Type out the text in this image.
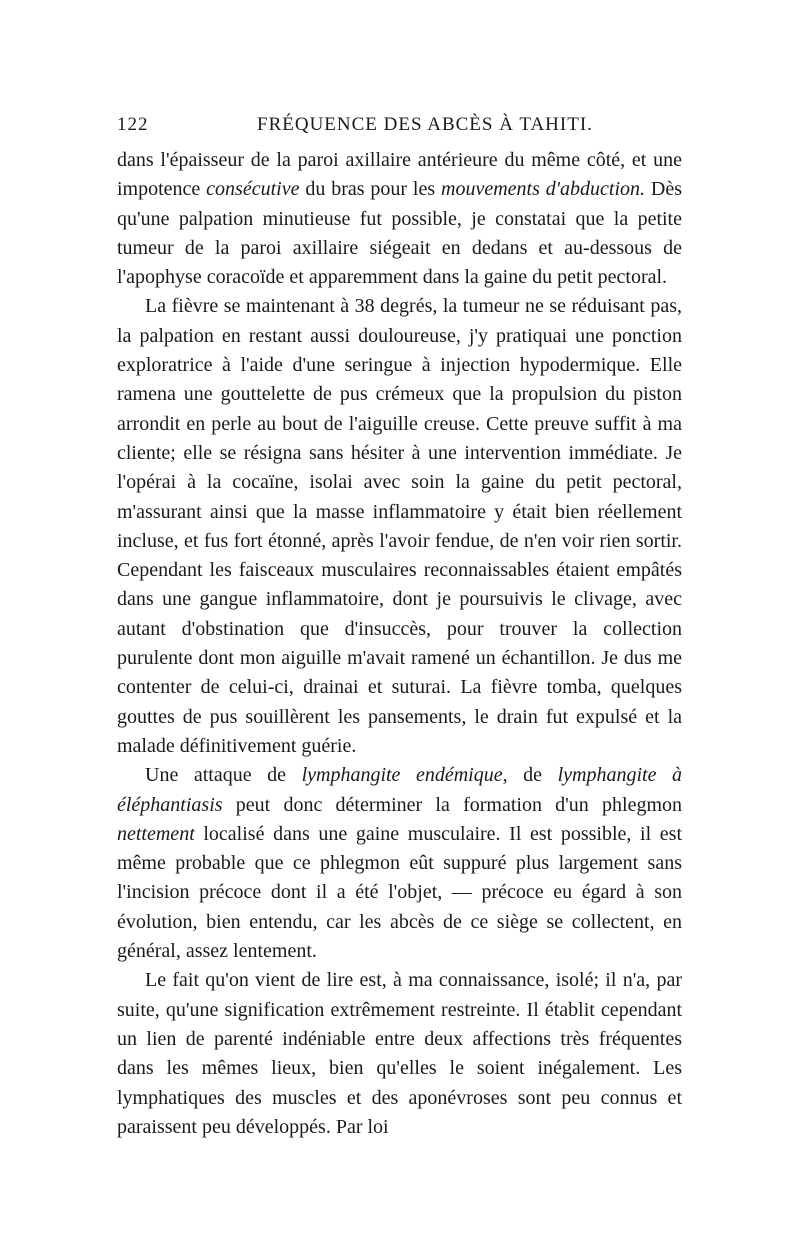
122	FRÉQUENCE DES ABCÈS À TAHITI.

dans l'épaisseur de la paroi axillaire antérieure du même côté, et une impotence consécutive du bras pour les mouvements d'abduction. Dès qu'une palpation minutieuse fut possible, je constatai que la petite tumeur de la paroi axillaire siégeait en dedans et au-dessous de l'apophyse coracoïde et apparemment dans la gaine du petit pectoral.

La fièvre se maintenant à 38 degrés, la tumeur ne se réduisant pas, la palpation en restant aussi douloureuse, j'y pratiquai une ponction exploratrice à l'aide d'une seringue à injection hypodermique. Elle ramena une gouttelette de pus crémeux que la propulsion du piston arrondit en perle au bout de l'aiguille creuse. Cette preuve suffit à ma cliente; elle se résigna sans hésiter à une intervention immédiate. Je l'opérai à la cocaïne, isolai avec soin la gaine du petit pectoral, m'assurant ainsi que la masse inflammatoire y était bien réellement incluse, et fus fort étonné, après l'avoir fendue, de n'en voir rien sortir. Cependant les faisceaux musculaires reconnaissables étaient empâtés dans une gangue inflammatoire, dont je poursuivis le clivage, avec autant d'obstination que d'insuccès, pour trouver la collection purulente dont mon aiguille m'avait ramené un échantillon. Je dus me contenter de celui-ci, drainai et suturai. La fièvre tomba, quelques gouttes de pus souillèrent les pansements, le drain fut expulsé et la malade définitivement guérie.

Une attaque de lymphangite endémique, de lymphangite à éléphantiasis peut donc déterminer la formation d'un phlegmon nettement localisé dans une gaine musculaire. Il est possible, il est même probable que ce phlegmon eût suppuré plus largement sans l'incision précoce dont il a été l'objet, — précoce eu égard à son évolution, bien entendu, car les abcès de ce siège se collectent, en général, assez lentement.

Le fait qu'on vient de lire est, à ma connaissance, isolé; il n'a, par suite, qu'une signification extrêmement restreinte. Il établit cependant un lien de parenté indéniable entre deux affections très fréquentes dans les mêmes lieux, bien qu'elles le soient inégalement. Les lymphatiques des muscles et des aponévroses sont peu connus et paraissent peu développés. Par loi
